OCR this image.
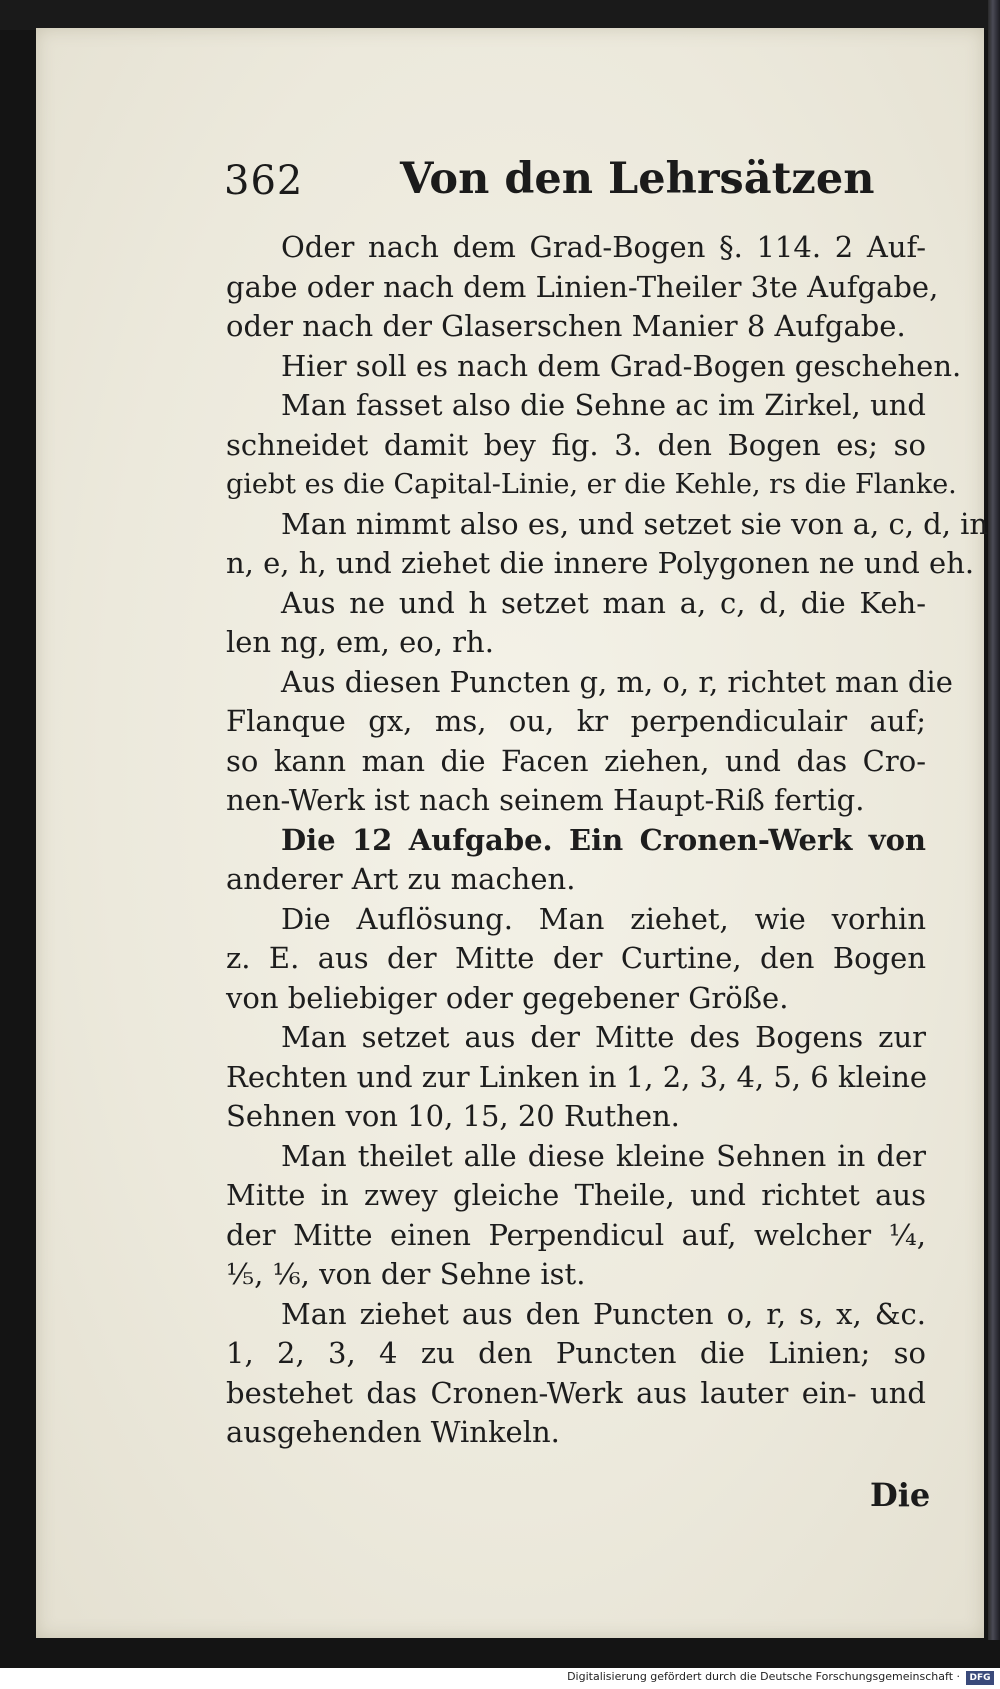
362 Von den Lehrsätzen
Oder nach dem Grad-Bogen §. 114. 2 Auf-
gabe oder nach dem Linien-Theiler 3te Aufgabe,
oder nach der Glaserschen Manier 8 Aufgabe.
Hier soll es nach dem Grad-Bogen geschehen.
Man fasset also die Sehne ac im Zirkel, und
schneidet damit bey fig. 3. den Bogen es; so
giebt es die Capital-Linie, er die Kehle, rs die Flanke.
Man nimmt also es, und setzet sie von a, c, d, in
n, e, h, und ziehet die innere Polygonen ne und eh.
Aus ne und h setzet man a, c, d, die Keh-
len ng, em, eo, rh.
Aus diesen Puncten g, m, o, r, richtet man die
Flanque gx, ms, ou, kr perpendiculair auf;
so kann man die Facen ziehen, und das Cro-
nen-Werk ist nach seinem Haupt-Riß fertig.
Die 12 Aufgabe. Ein Cronen-Werk von
anderer Art zu machen.
Die Auflösung. Man ziehet, wie vorhin
z. E. aus der Mitte der Curtine, den Bogen
von beliebiger oder gegebener Größe.
Man setzet aus der Mitte des Bogens zur
Rechten und zur Linken in 1, 2, 3, 4, 5, 6 kleine
Sehnen von 10, 15, 20 Ruthen.
Man theilet alle diese kleine Sehnen in der
Mitte in zwey gleiche Theile, und richtet aus
der Mitte einen Perpendicul auf, welcher ¼,
⅕, ⅙, von der Sehne ist.
Man ziehet aus den Puncten o, r, s, x, &c.
1, 2, 3, 4 zu den Puncten die Linien; so
bestehet das Cronen-Werk aus lauter ein- und
ausgehenden Winkeln.
Die
Digitalisierung gefördert durch die Deutsche Forschungsgemeinschaft ·	DFG
